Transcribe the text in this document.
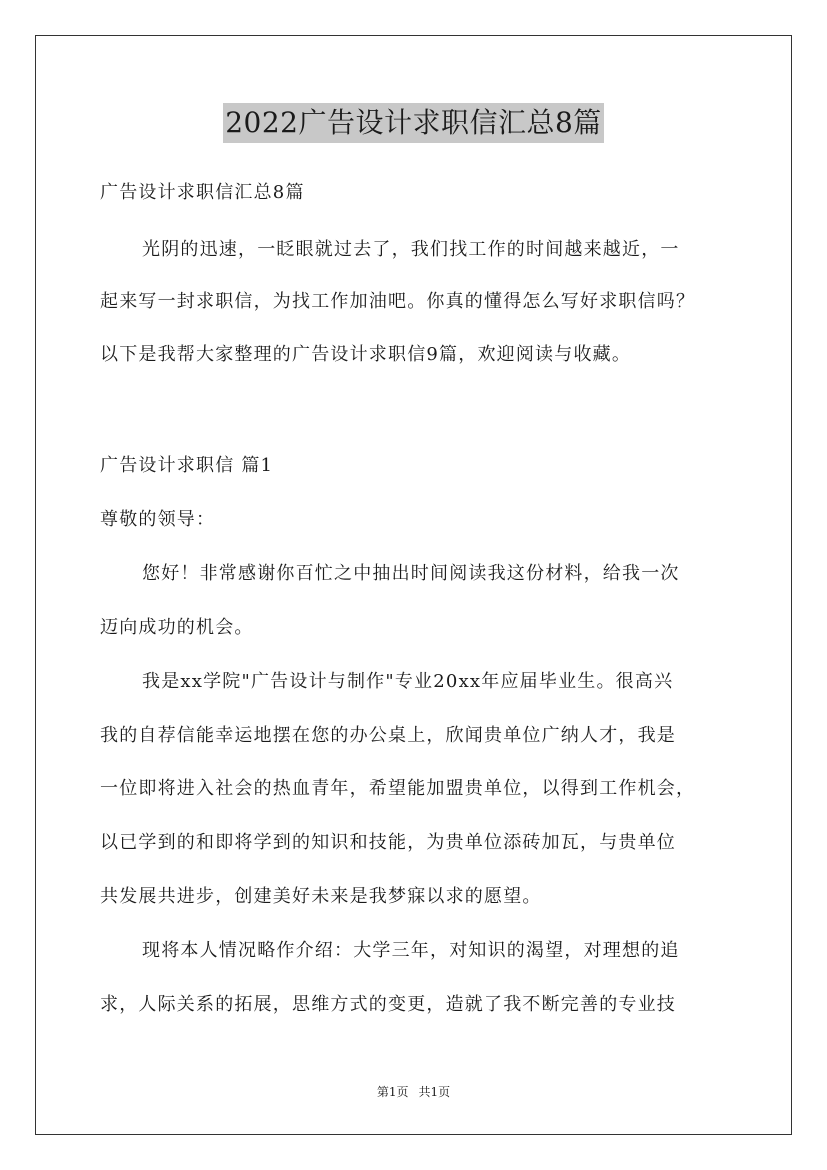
2022广告设计求职信汇总8篇
广告设计求职信汇总8篇
光阴的迅速，一眨眼就过去了，我们找工作的时间越来越近，一
起来写一封求职信，为找工作加油吧。你真的懂得怎么写好求职信吗？
以下是我帮大家整理的广告设计求职信9篇，欢迎阅读与收藏。
广告设计求职信 篇1
尊敬的领导：
您好！非常感谢你百忙之中抽出时间阅读我这份材料，给我一次
迈向成功的机会。
我是xx学院"广告设计与制作"专业20xx年应届毕业生。很高兴
我的自荐信能幸运地摆在您的办公桌上，欣闻贵单位广纳人才，我是
一位即将进入社会的热血青年，希望能加盟贵单位，以得到工作机会，
以已学到的和即将学到的知识和技能，为贵单位添砖加瓦，与贵单位
共发展共进步，创建美好未来是我梦寐以求的愿望。
现将本人情况略作介绍：大学三年，对知识的渴望，对理想的追
求，人际关系的拓展，思维方式的变更，造就了我不断完善的专业技
第1页 共1页
